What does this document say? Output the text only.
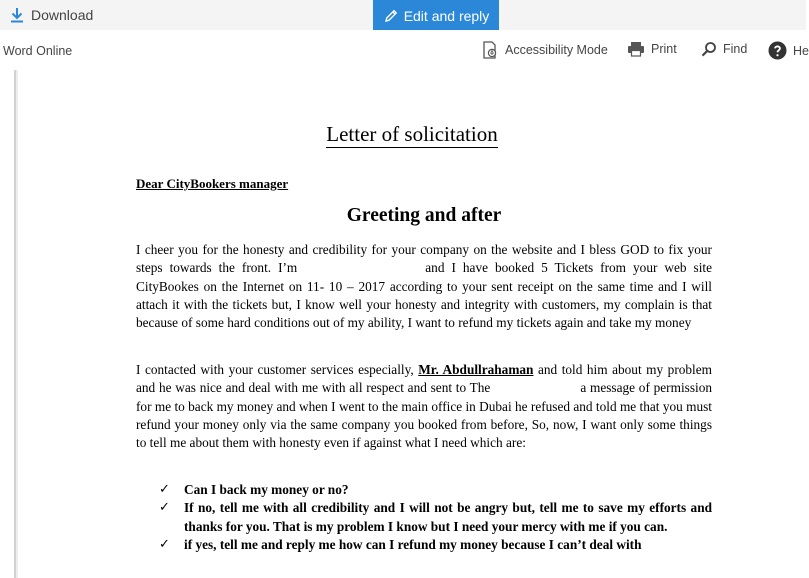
Download	Edit and reply
Word Online	Accessibility Mode	Print	Find	He
Letter of solicitation
Dear CityBookers manager
Greeting and after
I cheer you for the honesty and credibility for your company on the website and I bless GOD to fix your steps towards the front. I’m	and I have booked 5 Tickets from your web site CityBookes on the Internet on 11- 10 – 2017 according to your sent receipt on the same time and I will attach it with the tickets but, I know well your honesty and integrity with customers, my complain is that because of some hard conditions out of my ability, I want to refund my tickets again and take my money
I contacted with your customer services especially, Mr. Abdullrahaman and told him about my problem and he was nice and deal with me with all respect and sent to The	a message of permission for me to back my money and when I went to the main office in Dubai he refused and told me that you must refund your money only via the same company you booked from before, So, now, I want only some things to tell me about them with honesty even if against what I need which are:
✓ Can I back my money or no?
✓ If no, tell me with all credibility and I will not be angry but, tell me to save my efforts and thanks for you. That is my problem I know but I need your mercy with me if you can.
✓ if yes, tell me and reply me how can I refund my money because I can’t deal with
